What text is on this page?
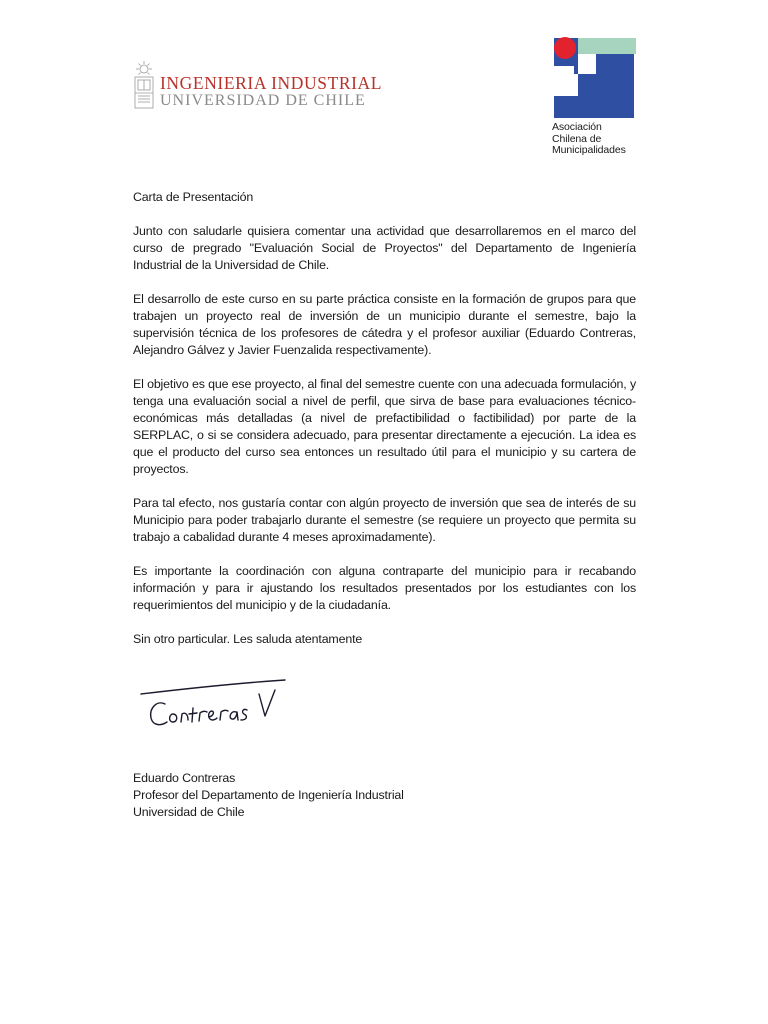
INGENIERIA INDUSTRIAL
UNIVERSIDAD DE CHILE
Asociación
Chilena de
Municipalidades

Carta de Presentación

Junto con saludarle quisiera comentar una actividad que desarrollaremos en el marco del curso de pregrado "Evaluación Social de Proyectos" del Departamento de Ingeniería Industrial de la Universidad de Chile.

El desarrollo de este curso en su parte práctica consiste en la formación de grupos para que trabajen un proyecto real de inversión de un municipio durante el semestre, bajo la supervisión técnica de los profesores de cátedra y el profesor auxiliar (Eduardo Contreras, Alejandro Gálvez y Javier Fuenzalida respectivamente).

El objetivo es que ese proyecto, al final del semestre cuente con una adecuada formulación, y tenga una evaluación social a nivel de perfil, que sirva de base para evaluaciones técnico-económicas más detalladas (a nivel de prefactibilidad o factibilidad) por parte de la SERPLAC, o si se considera adecuado, para presentar directamente a ejecución. La idea es que el producto del curso sea entonces un resultado útil para el municipio y su cartera de proyectos.

Para tal efecto, nos gustaría contar con algún proyecto de inversión que sea de interés de su Municipio para poder trabajarlo durante el semestre (se requiere un proyecto que permita su trabajo a cabalidad durante 4 meses aproximadamente).

Es importante la coordinación con alguna contraparte del municipio para ir recabando información y para ir ajustando los resultados presentados por los estudiantes con los requerimientos del municipio y de la ciudadanía.

Sin otro particular. Les saluda atentamente

Eduardo Contreras
Profesor del Departamento de Ingeniería Industrial
Universidad de Chile
